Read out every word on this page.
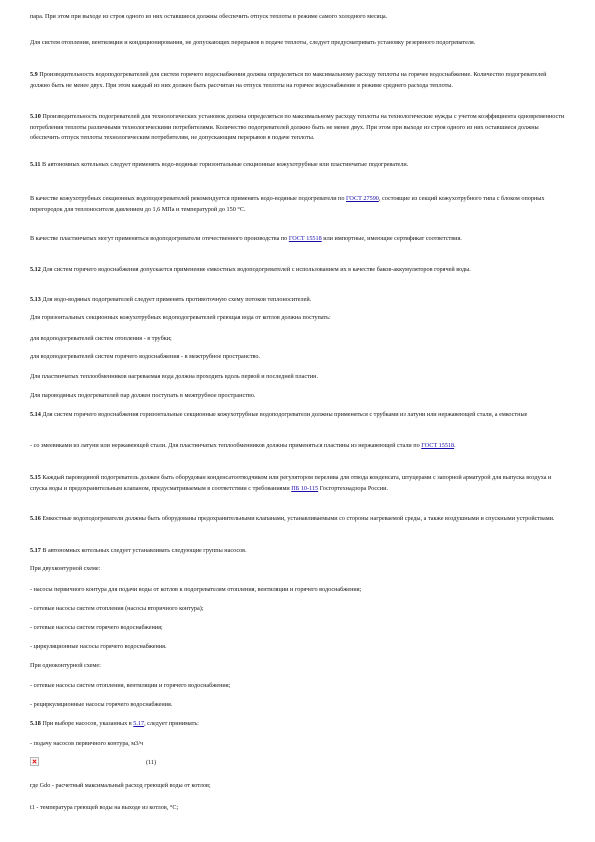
пара. При этом при выходе из строя одного из них оставшиеся должны обеспечить отпуск теплоты в режиме самого холодного месяца.

Для систем отопления, вентиляции и кондиционирования, не допускающих перерывов в подаче теплоты, следует предусматривать установку резервного подогревателя.

5.9 Производительность водоподогревателей для систем горячего водоснабжения должна определяться по максимальному расходу теплоты на горячее водоснабжение. Количество подогревателей должно быть не менее двух. При этом каждый из них должен быть рассчитан на отпуск теплоты на горячее водоснабжение в режиме среднего расхода теплоты.

5.10 Производительность подогревателей для технологических установок должна определяться по максимальному расходу теплоты на технологические нужды с учетом коэффициента одновременности потребления теплоты различными технологическими потребителями. Количество подогревателей должно быть не менее двух. При этом при выходе из строя одного из них оставшиеся должны обеспечить отпуск теплоты технологическим потребителям, не допускающим перерывов в подаче теплоты.

5.11 В автономных котельных следует применять водо-водяные горизонтальные секционные кожухотрубные или пластинчатые подогреватели.

В качестве кожухотрубных секционных водоподогревателей рекомендуется применять водо-водяные подогреватели по ГОСТ 27590, состоящие из секций кожухотрубного типа с блоком опорных перегородок для теплоносителя давлением до 1,6 МПа и температурой до 150 °С.

В качестве пластинчатых могут применяться водоподогреватели отечественного производства по ГОСТ 15518 или импортные, имеющие сертификат соответствия.

5.12 Для систем горячего водоснабжения допускается применение емкостных водоподогревателей с использованием их в качестве баков-аккумуляторов горячей воды.

5.13 Для водо-водяных подогревателей следует применять противоточную схему потоков теплоносителей.

Для горизонтальных секционных кожухотрубных водоподогревателей греющая вода от котлов должна поступать:

для водоподогревателей систем отопления - в трубки;

для водоподогревателей систем горячего водоснабжения - в межтрубное пространство.

Для пластинчатых теплообменников нагреваемая вода должна проходить вдоль первой и последней пластин.

Для пароводяных подогревателей пар должен поступать в межтрубное пространство.

5.14 Для систем горячего водоснабжения горизонтальные секционные кожухотрубные водоподогреватели должны применяться с трубками из латуни или нержавеющей стали, а емкостные

- со змеевиками из латуни или нержавеющей стали. Для пластинчатых теплообменников должны применяться пластины из нержавеющей стали по ГОСТ 15518.

5.15 Каждый пароводяной подогреватель должен быть оборудован конденсатоотводчиком или регулятором перелива для отвода конденсата, штуцерами с запорной арматурой для выпуска воздуха и спуска воды и предохранительным клапаном, предусматриваемым в соответствии с требованиями ПБ 10-115 Госгортехнадзора России.

5.16 Емкостные водоподогреватели должны быть оборудованы предохранительными клапанами, устанавливаемыми со стороны нагреваемой среды, а также воздушными и спускными устройствами.

5.17 В автономных котельных следует устанавливать следующие группы насосов.

При двухконтурной схеме:

- насосы первичного контура для подачи воды от котлов к подогревателям отопления, вентиляции и горячего водоснабжения;

- сетевые насосы систем отопления (насосы вторичного контура);

- сетевые насосы систем горячего водоснабжения;

- циркуляционные насосы горячего водоснабжения.

При одноконтурной схеме:

- сетевые насосы систем отопления, вентиляции и горячего водоснабжения;

- рециркуляционные насосы горячего водоснабжения.

5.18 При выборе насосов, указанных в 5.17, следует принимать:

- подачу насосов первичного контура, м3/ч

(11)

где Gdo - расчетный максимальный расход греющей воды от котлов;

t1 - температура греющей воды на выходе из котлов, °С;
